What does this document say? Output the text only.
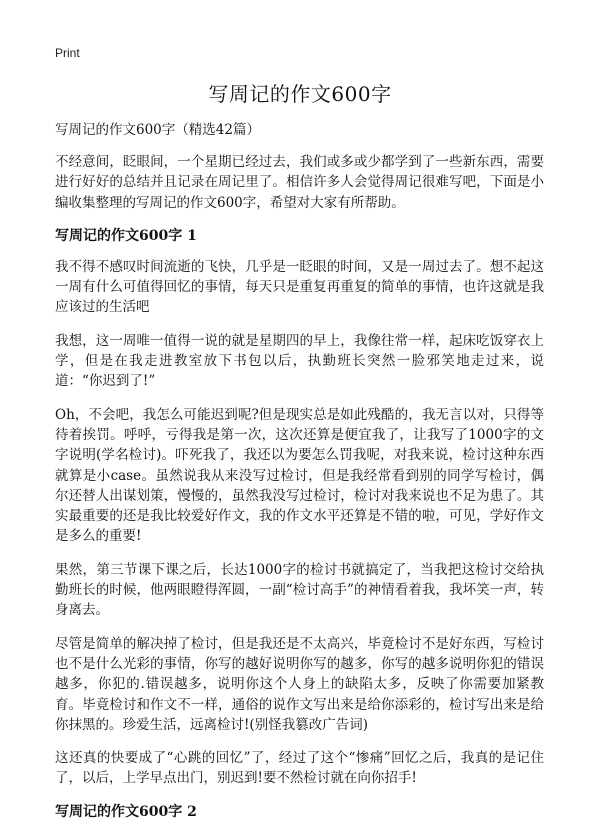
Print
写周记的作文600字
写周记的作文600字（精选42篇）

不经意间，眨眼间，一个星期已经过去，我们或多或少都学到了一些新东西，需要进行好好的总结并且记录在周记里了。相信许多人会觉得周记很难写吧，下面是小编收集整理的写周记的作文600字，希望对大家有所帮助。

写周记的作文600字 1

我不得不感叹时间流逝的飞快，几乎是一眨眼的时间，又是一周过去了。想不起这一周有什么可值得回忆的事情，每天只是重复再重复的简单的事情，也许这就是我应该过的生活吧

我想，这一周唯一值得一说的就是星期四的早上，我像往常一样，起床吃饭穿衣上学，但是在我走进教室放下书包以后，执勤班长突然一脸邪笑地走过来，说道：“你迟到了!”

Oh，不会吧，我怎么可能迟到呢?但是现实总是如此残酷的，我无言以对，只得等待着挨罚。呼呼，亏得我是第一次，这次还算是便宜我了，让我写了1000字的文字说明(学名检讨)。吓死我了，我还以为要怎么罚我呢，对我来说，检讨这种东西就算是小case。虽然说我从来没写过检讨，但是我经常看到别的同学写检讨，偶尔还替人出谋划策，慢慢的，虽然我没写过检讨，检讨对我来说也不足为患了。其实最重要的还是我比较爱好作文，我的作文水平还算是不错的啦，可见，学好作文是多么的重要!

果然，第三节课下课之后，长达1000字的检讨书就搞定了，当我把这检讨交给执勤班长的时候，他两眼瞪得浑圆，一副“检讨高手”的神情看着我，我坏笑一声，转身离去。

尽管是简单的解决掉了检讨，但是我还是不太高兴，毕竟检讨不是好东西，写检讨也不是什么光彩的事情，你写的越好说明你写的越多，你写的越多说明你犯的错误越多，你犯的.错误越多，说明你这个人身上的缺陷太多，反映了你需要加紧教育。毕竟检讨和作文不一样，通俗的说作文写出来是给你添彩的，检讨写出来是给你抹黑的。珍爱生活，远离检讨!(别怪我篡改广告词)

这还真的快要成了“心跳的回忆”了，经过了这个“惨痛”回忆之后，我真的是记住了，以后，上学早点出门，别迟到!要不然检讨就在向你招手!

写周记的作文600字 2
